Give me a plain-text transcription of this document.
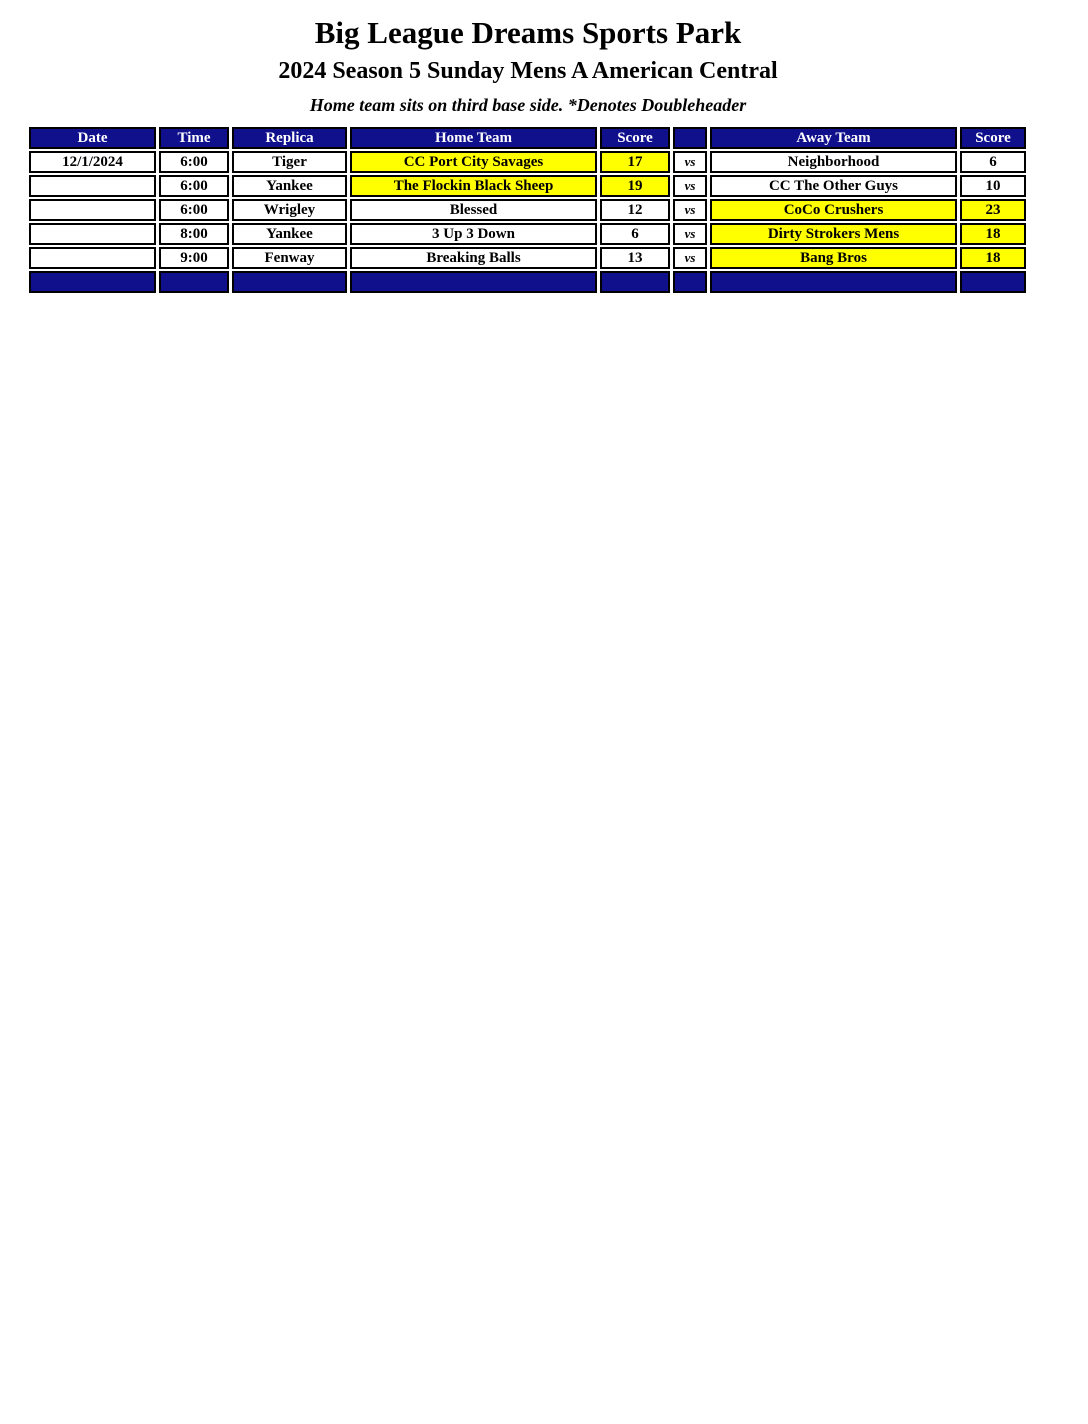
Big League Dreams Sports Park
2024 Season 5 Sunday Mens A American Central
Home team sits on third base side. *Denotes Doubleheader
Date	Time	Replica	Home Team	Score		Away Team	Score
12/1/2024	6:00	Tiger	CC Port City Savages	17	vs	Neighborhood	6
	6:00	Yankee	The Flockin Black Sheep	19	vs	CC The Other Guys	10
	6:00	Wrigley	Blessed	12	vs	CoCo Crushers	23
	8:00	Yankee	3 Up 3 Down	6	vs	Dirty Strokers Mens	18
	9:00	Fenway	Breaking Balls	13	vs	Bang Bros	18
